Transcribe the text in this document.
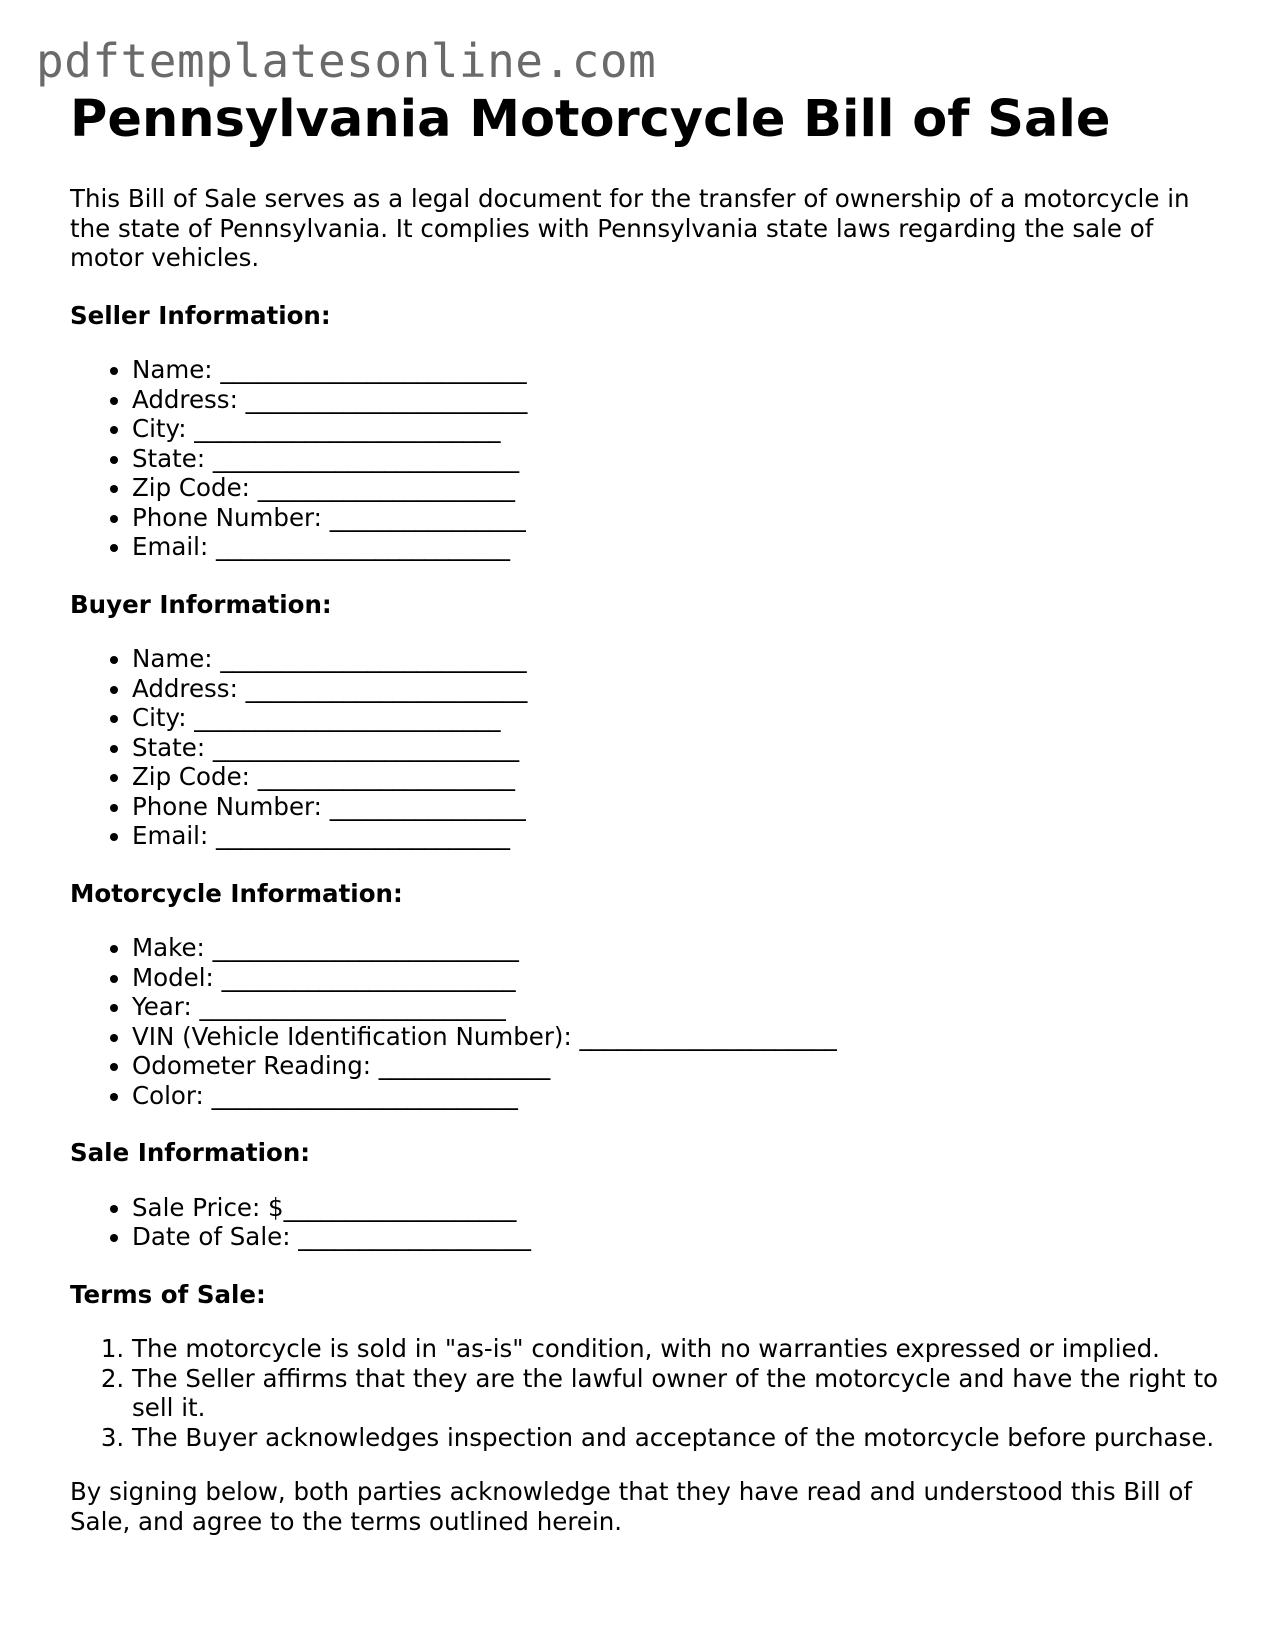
pdftemplatesonline.com
Pennsylvania Motorcycle Bill of Sale

This Bill of Sale serves as a legal document for the transfer of ownership of a motorcycle in the state of Pennsylvania. It complies with Pennsylvania state laws regarding the sale of motor vehicles.

Seller Information:
• Name: _________________________
• Address: _______________________
• City: _________________________
• State: _________________________
• Zip Code: _____________________
• Phone Number: ________________
• Email: ________________________
Buyer Information:
• Name: _________________________
• Address: _______________________
• City: _________________________
• State: _________________________
• Zip Code: _____________________
• Phone Number: ________________
• Email: ________________________
Motorcycle Information:
• Make: _________________________
• Model: ________________________
• Year: _________________________
• VIN (Vehicle Identification Number): _____________________
• Odometer Reading: ______________
• Color: _________________________
Sale Information:
• Sale Price: $___________________
• Date of Sale: ___________________
Terms of Sale:
1. The motorcycle is sold in "as-is" condition, with no warranties expressed or implied.
2. The Seller affirms that they are the lawful owner of the motorcycle and have the right to sell it.
3. The Buyer acknowledges inspection and acceptance of the motorcycle before purchase.

By signing below, both parties acknowledge that they have read and understood this Bill of Sale, and agree to the terms outlined herein.
